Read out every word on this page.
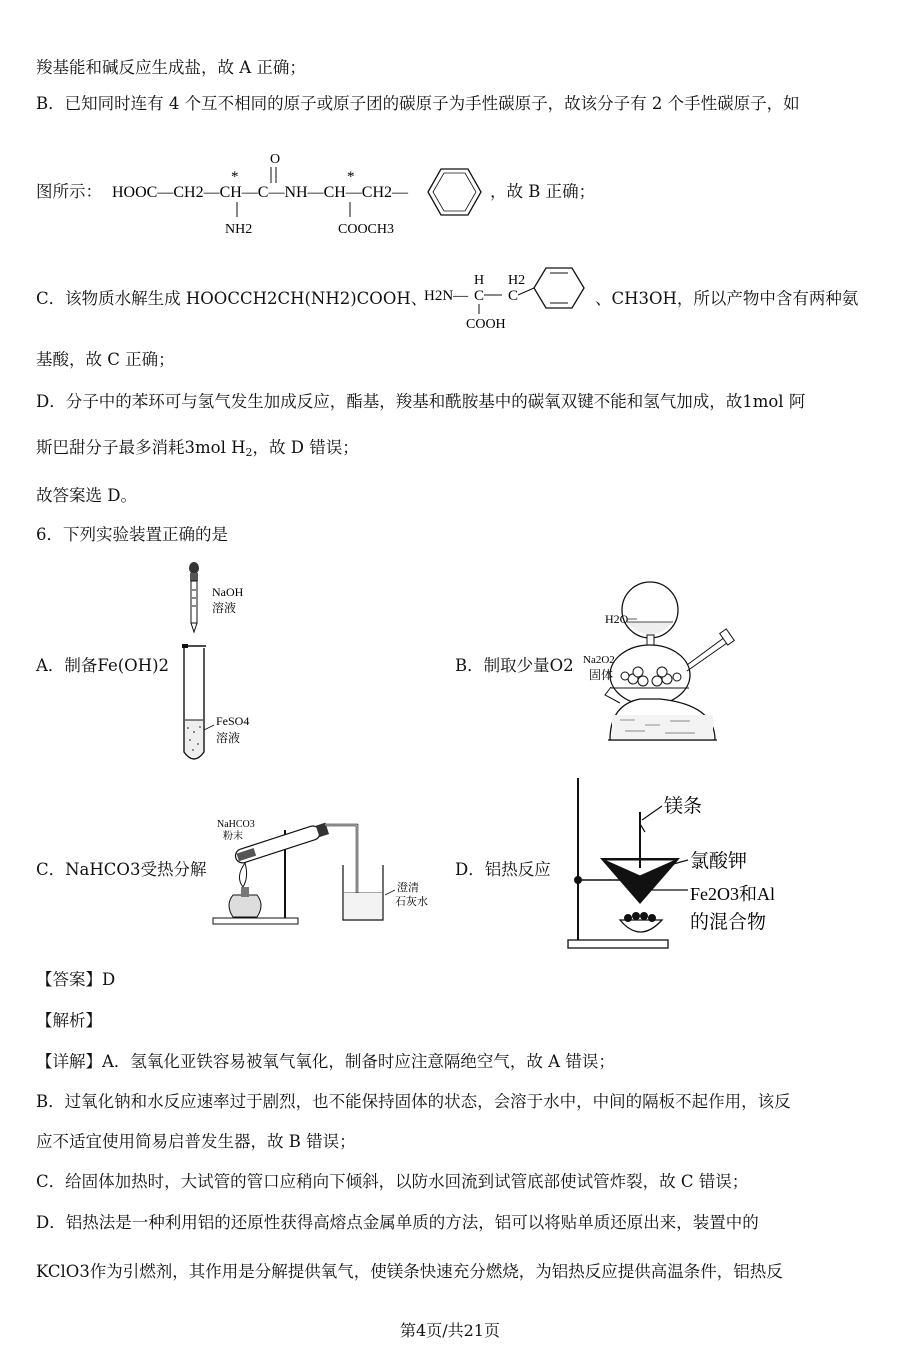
羧基能和碱反应生成盐，故 A 正确；
B．已知同时连有 4 个互不相同的原子或原子团的碳原子为手性碳原子，故该分子有 2 个手性碳原子，如
图所示： HOOC—CH2—CH—C—NH—CH—CH2—
*	*
O
NH2	COOCH3
，故 B 正确；
C．该物质水解生成 HOOCCH2CH(NH2)COOH、
H2N—
H
C
H2
C
COOH
、CH3OH，所以产物中含有两种氨
基酸，故 C 正确；
D．分子中的苯环可与氢气发生加成反应，酯基，羧基和酰胺基中的碳氧双键不能和氢气加成，故1mol 阿
斯巴甜分子最多消耗3mol $H_2$，故 D 错误；
故答案选 D。
6．下列实验装置正确的是
A．制备Fe(OH)2
NaOH
溶液
FeSO4
溶液
B．制取少量O2
H2O
Na2O2
固体
C．NaHCO3受热分解
NaHCO3
粉末
澄清
石灰水
D．铝热反应
镁条
氯酸钾
Fe2O3和Al
的混合物
【答案】D
【解析】
【详解】A．氢氧化亚铁容易被氧气氧化，制备时应注意隔绝空气，故 A 错误；
B．过氧化钠和水反应速率过于剧烈，也不能保持固体的状态，会溶于水中，中间的隔板不起作用，该反
应不适宜使用简易启普发生器，故 B 错误；
C．给固体加热时，大试管的管口应稍向下倾斜，以防水回流到试管底部使试管炸裂，故 C 错误；
D．铝热法是一种利用铝的还原性获得高熔点金属单质的方法，铝可以将贴单质还原出来，装置中的
KClO3作为引燃剂，其作用是分解提供氧气，使镁条快速充分燃烧，为铝热反应提供高温条件，铝热反
第4页/共21页
